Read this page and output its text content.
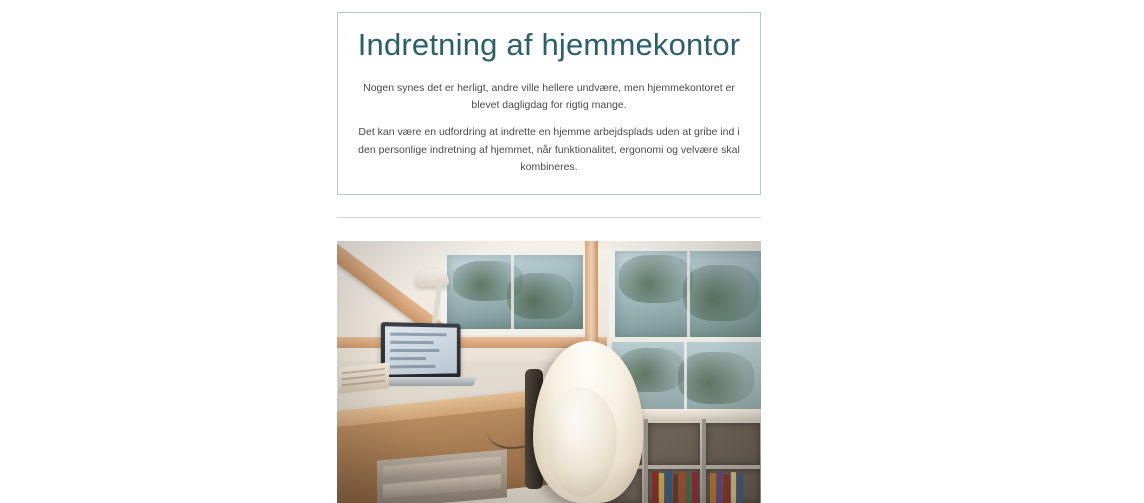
Indretning af hjemmekontor

Nogen synes det er herligt, andre ville hellere undvære, men hjemmekontoret er blevet dagligdag for rigtig mange.

Det kan være en udfordring at indrette en hjemme arbejdsplads uden at gribe ind i den personlige indretning af hjemmet, når funktionalitet, ergonomi og velvære skal kombineres.
